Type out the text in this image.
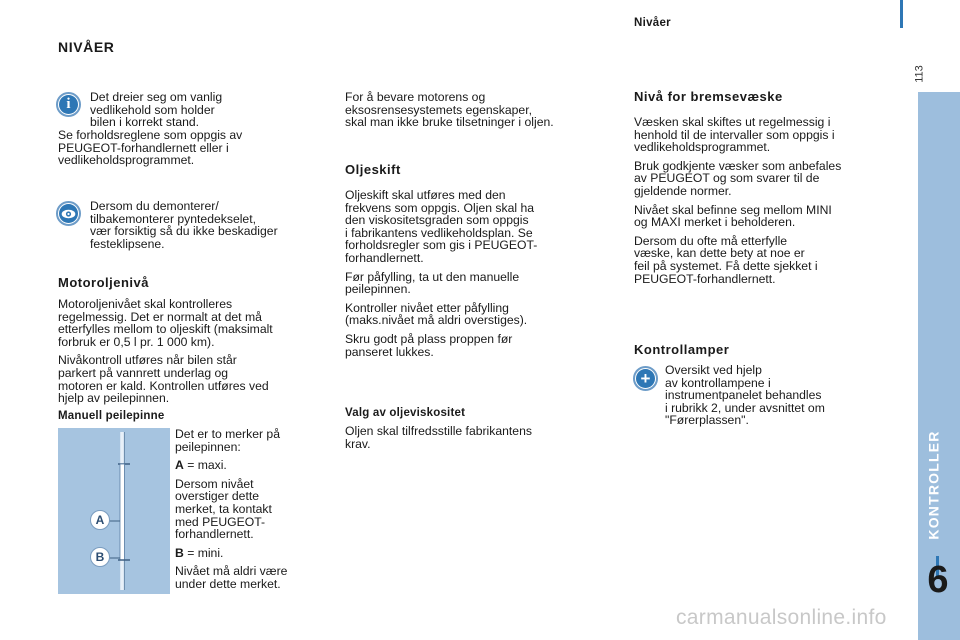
Nivåer
113
NIVÅER
i	Det dreier seg om vanlig
vedlikehold som holder
bilen i korrekt stand.

Se forholdsreglene som oppgis av
PEUGEOT-forhandlernett eller i
vedlikeholdsprogrammet.

Dersom du demonterer/
tilbakemonterer pyntedekselet,
vær forsiktig så du ikke beskadiger
festeklipsene.

Motoroljenivå

Motoroljenivået skal kontrolleres
regelmessig. Det er normalt at det må
etterfylles mellom to oljeskift (maksimalt
forbruk er 0,5 l pr. 1 000 km).

Nivåkontroll utføres når bilen står
parkert på vannrett underlag og
motoren er kald. Kontrollen utføres ved
hjelp av peilepinnen.

Manuell peilepinne
A
B

Det er to merker på
peilepinnen:

A = maxi.

Dersom nivået
overstiger dette
merket, ta kontakt
med PEUGEOT-
forhandlernett.

B = mini.

Nivået må aldri være
under dette merket.

For å bevare motorens og
eksosrensesystemets egenskaper,
skal man ikke bruke tilsetninger i oljen.

Oljeskift

Oljeskift skal utføres med den
frekvens som oppgis. Oljen skal ha
den viskositetsgraden som oppgis
i fabrikantens vedlikeholdsplan. Se
forholdsregler som gis i PEUGEOT-
forhandlernett.

Før påfylling, ta ut den manuelle
peilepinnen.

Kontroller nivået etter påfylling
(maks.nivået må aldri overstiges).

Skru godt på plass proppen før
panseret lukkes.

Valg av oljeviskositet

Oljen skal tilfredsstille fabrikantens
krav.

Nivå for bremsevæske

Væsken skal skiftes ut regelmessig i
henhold til de intervaller som oppgis i
vedlikeholdsprogrammet.

Bruk godkjente væsker som anbefales
av PEUGEOT og som svarer til de
gjeldende normer.

Nivået skal befinne seg mellom MINI
og MAXI merket i beholderen.

Dersom du ofte må etterfylle
væske, kan dette bety at noe er
feil på systemet. Få dette sjekket i
PEUGEOT-forhandlernett.

Kontrollamper
+	Oversikt ved hjelp
av kontrollampene i
instrumentpanelet behandles
i rubrikk 2, under avsnittet om
"Førerplassen".

KONTROLLER
6
carmanualsonline.info
